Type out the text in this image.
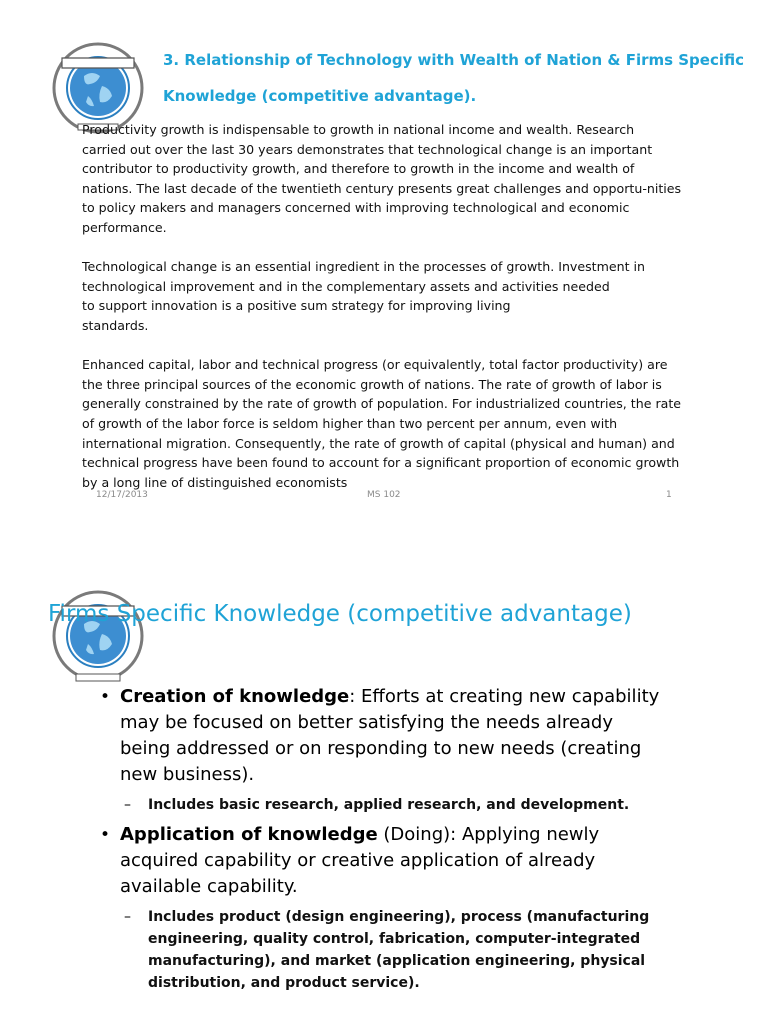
3. Relationship of Technology with Wealth of Nation & Firms Specific
Knowledge (competitive advantage).

Productivity growth is indispensable to growth in national income and wealth. Research carried out over the last 30 years demonstrates that technological change is an important contributor to productivity growth, and therefore to growth in the income and wealth of nations. The last decade of the twentieth century presents great challenges and opportu-nities to policy makers and managers concerned with improving technological and economic performance.

Technological change is an essential ingredient in the processes of growth. Investment in technological improvement and in the complementary assets and activities needed
to support innovation is a positive sum strategy for improving living
standards.

Enhanced capital, labor and technical progress (or equivalently, total factor productivity) are the three principal sources of the economic growth of nations. The rate of growth of labor is generally constrained by the rate of growth of population. For industrialized countries, the rate of growth of the labor force is seldom higher than two percent per annum, even with international migration. Consequently, the rate of growth of capital (physical and human) and technical progress have been found to account for a significant proportion of economic growth by a long line of distinguished economists

12/17/2013	MS 102	1
Firms Specific Knowledge (competitive advantage)
• Creation of knowledge: Efforts at creating new capability may be focused on better satisfying the needs already being addressed or on responding to new needs (creating new business).
– Includes basic research, applied research, and development.
• Application of knowledge (Doing): Applying newly acquired capability or creative application of already available capability.
– Includes product (design engineering), process (manufacturing engineering, quality control, fabrication, computer-integrated manufacturing), and market (application engineering, physical distribution, and product service).
